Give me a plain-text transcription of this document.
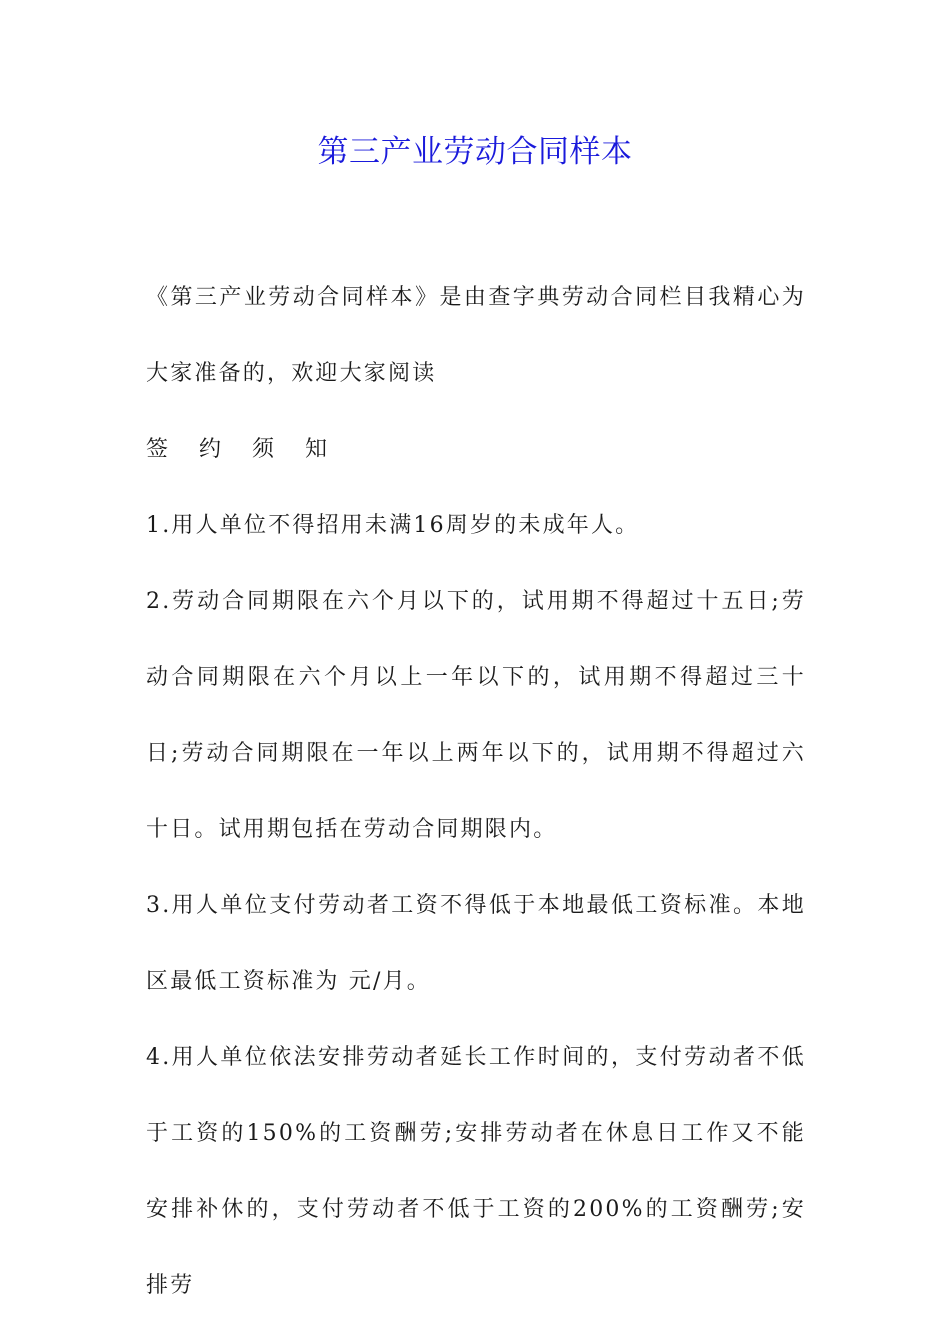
第三产业劳动合同样本

《第三产业劳动合同样本》是由查字典劳动合同栏目我精心为大家准备的，欢迎大家阅读

签 约 须 知

1.用人单位不得招用未满16周岁的未成年人。

2.劳动合同期限在六个月以下的，试用期不得超过十五日;劳动合同期限在六个月以上一年以下的，试用期不得超过三十日;劳动合同期限在一年以上两年以下的，试用期不得超过六十日。试用期包括在劳动合同期限内。

3.用人单位支付劳动者工资不得低于本地最低工资标准。本地区最低工资标准为 元/月。

4.用人单位依法安排劳动者延长工作时间的，支付劳动者不低于工资的150%的工资酬劳;安排劳动者在休息日工作又不能安排补休的，支付劳动者不低于工资的200%的工资酬劳;安排劳
